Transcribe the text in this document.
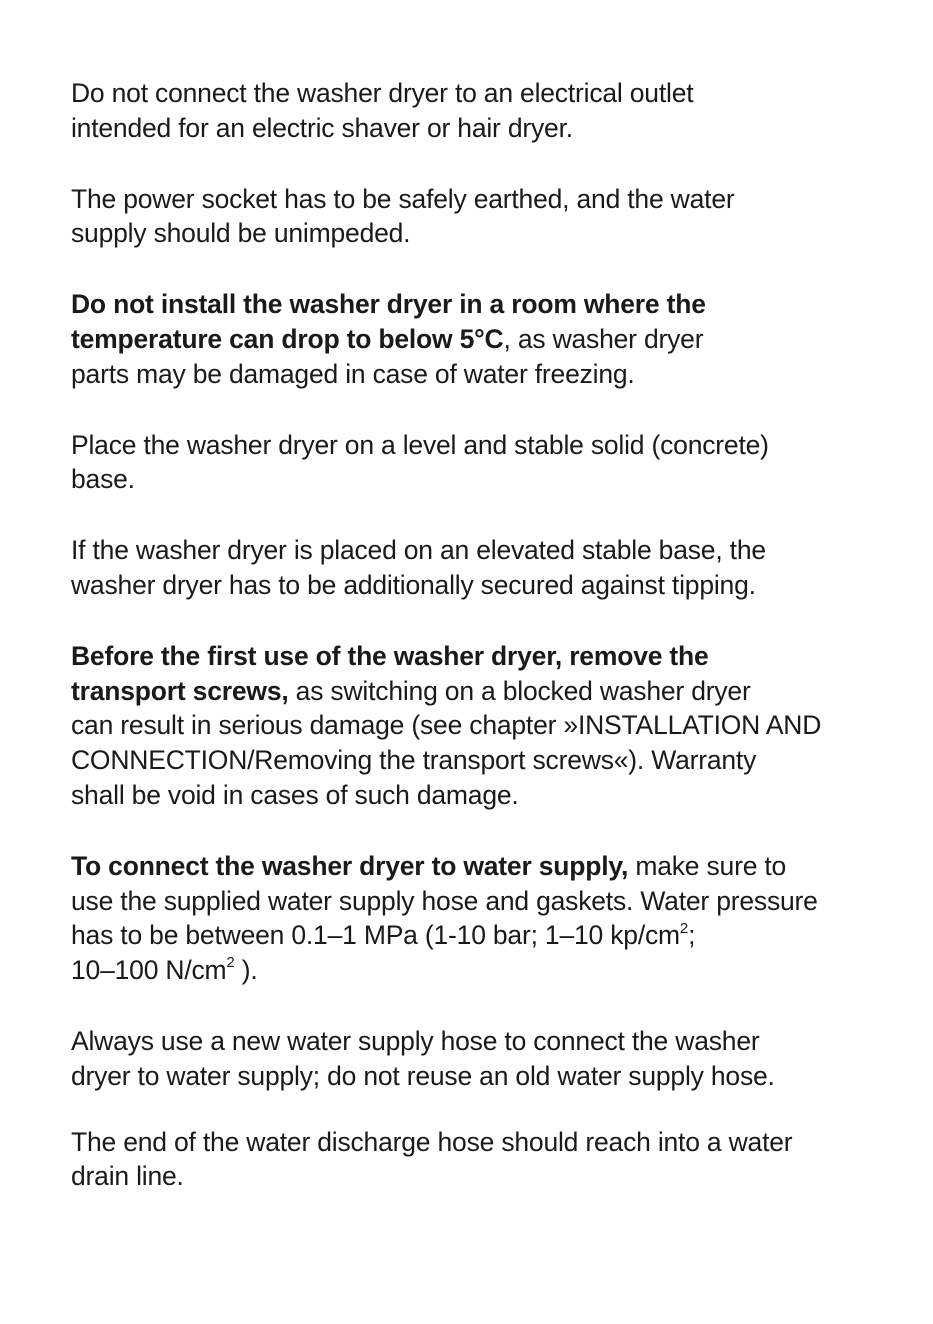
Do not connect the washer dryer to an electrical outlet
intended for an electric shaver or hair dryer.

The power socket has to be safely earthed, and the water
supply should be unimpeded.

Do not install the washer dryer in a room where the
temperature can drop to below 5°C, as washer dryer
parts may be damaged in case of water freezing.

Place the washer dryer on a level and stable solid (concrete)
base.

If the washer dryer is placed on an elevated stable base, the
washer dryer has to be additionally secured against tipping.

Before the first use of the washer dryer, remove the
transport screws, as switching on a blocked washer dryer
can result in serious damage (see chapter »INSTALLATION AND
CONNECTION/Removing the transport screws«). Warranty
shall be void in cases of such damage.

To connect the washer dryer to water supply, make sure to
use the supplied water supply hose and gaskets. Water pressure
has to be between 0.1–1 MPa (1-10 bar; 1–10 $kp/cm^2$;
10–100 $N/cm^2$ ).

Always use a new water supply hose to connect the washer
dryer to water supply; do not reuse an old water supply hose.

The end of the water discharge hose should reach into a water
drain line.
